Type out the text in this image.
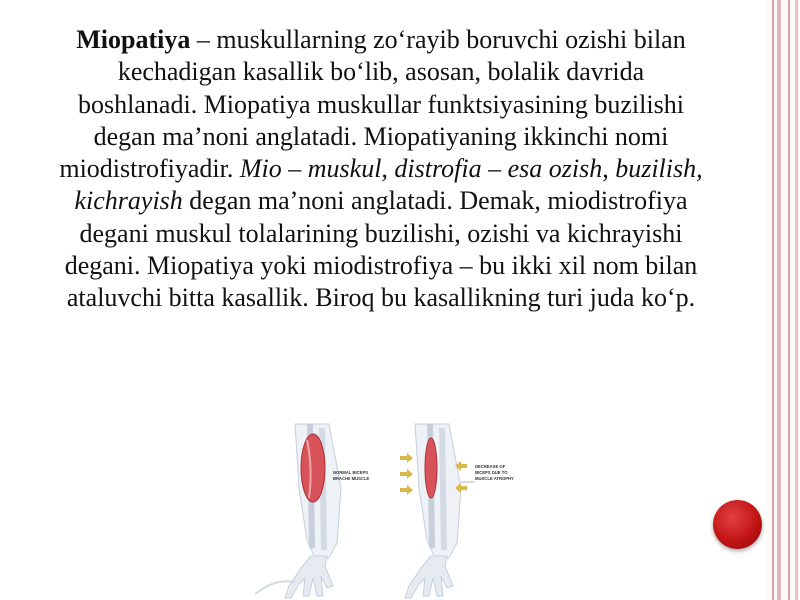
Miopatiya – muskullarning zoʻrayib boruvchi ozishi bilan kechadigan kasallik boʻlib, asosan, bolalik davrida boshlanadi. Miopatiya muskullar funktsiyasining buzilishi degan maʼnoni anglatadi. Miopatiyaning ikkinchi nomi miodistrofiyadir. Mio – muskul, distrofia – esa ozish, buzilish, kichrayish degan maʼnoni anglatadi. Demak, miodistrofiya degani muskul tolalarining buzilishi, ozishi va kichrayishi degani. Miopatiya yoki miodistrofiya – bu ikki xil nom bilan ataluvchi bitta kasallik. Biroq bu kasallikning turi juda koʻp.
NORMAL BICEPS
BRACHII MUSCLE
DECREASE OF
BICEPS DUE TO
MUSCLE ATROPHY
